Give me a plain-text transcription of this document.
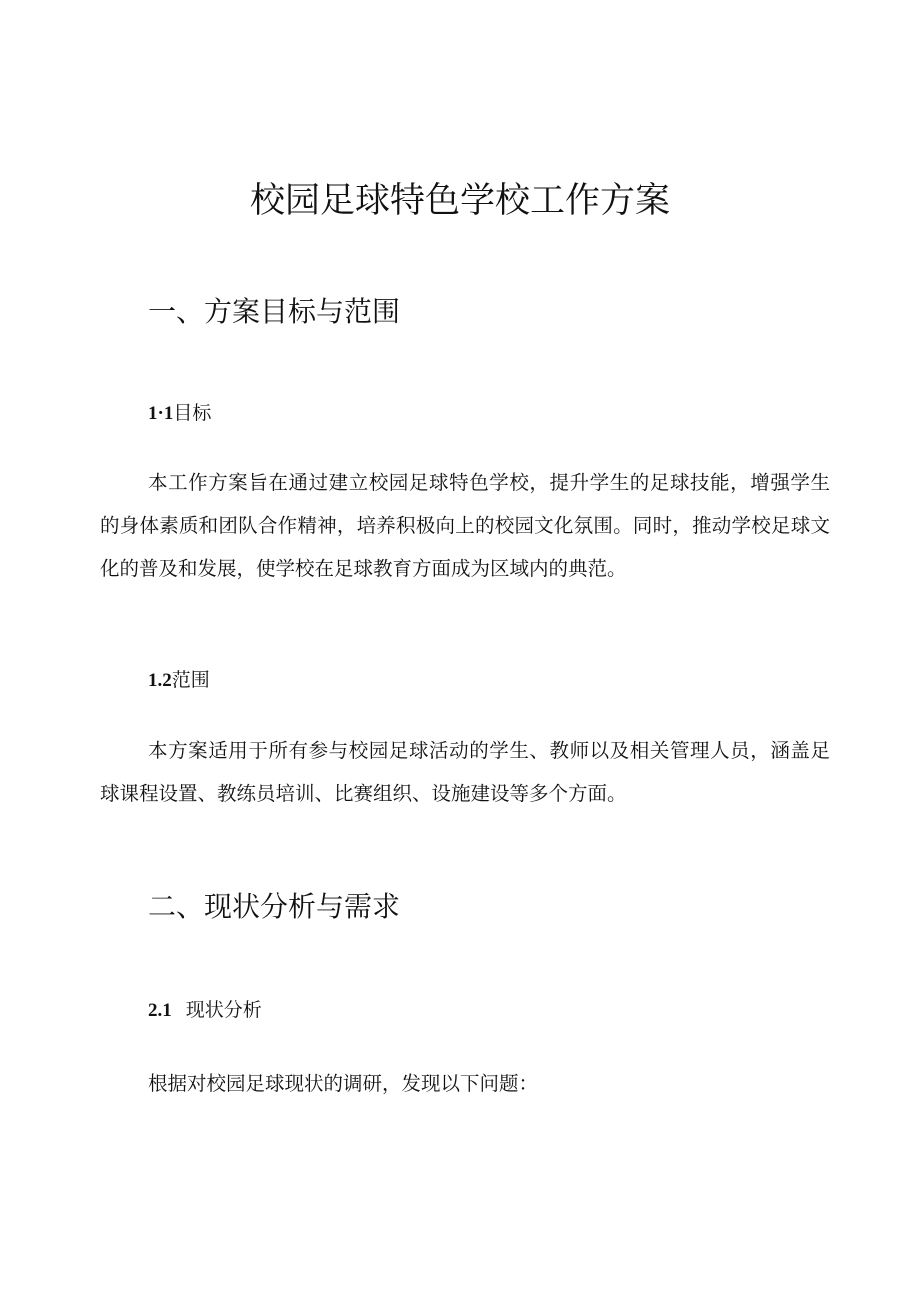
校园足球特色学校工作方案
一、方案目标与范围
1·1目标

本工作方案旨在通过建立校园足球特色学校，提升学生的足球技能，增强学生的身体素质和团队合作精神，培养积极向上的校园文化氛围。同时，推动学校足球文化的普及和发展，使学校在足球教育方面成为区域内的典范。

1.2范围

本方案适用于所有参与校园足球活动的学生、教师以及相关管理人员，涵盖足球课程设置、教练员培训、比赛组织、设施建设等多个方面。

二、现状分析与需求
2.1 现状分析

根据对校园足球现状的调研，发现以下问题：
